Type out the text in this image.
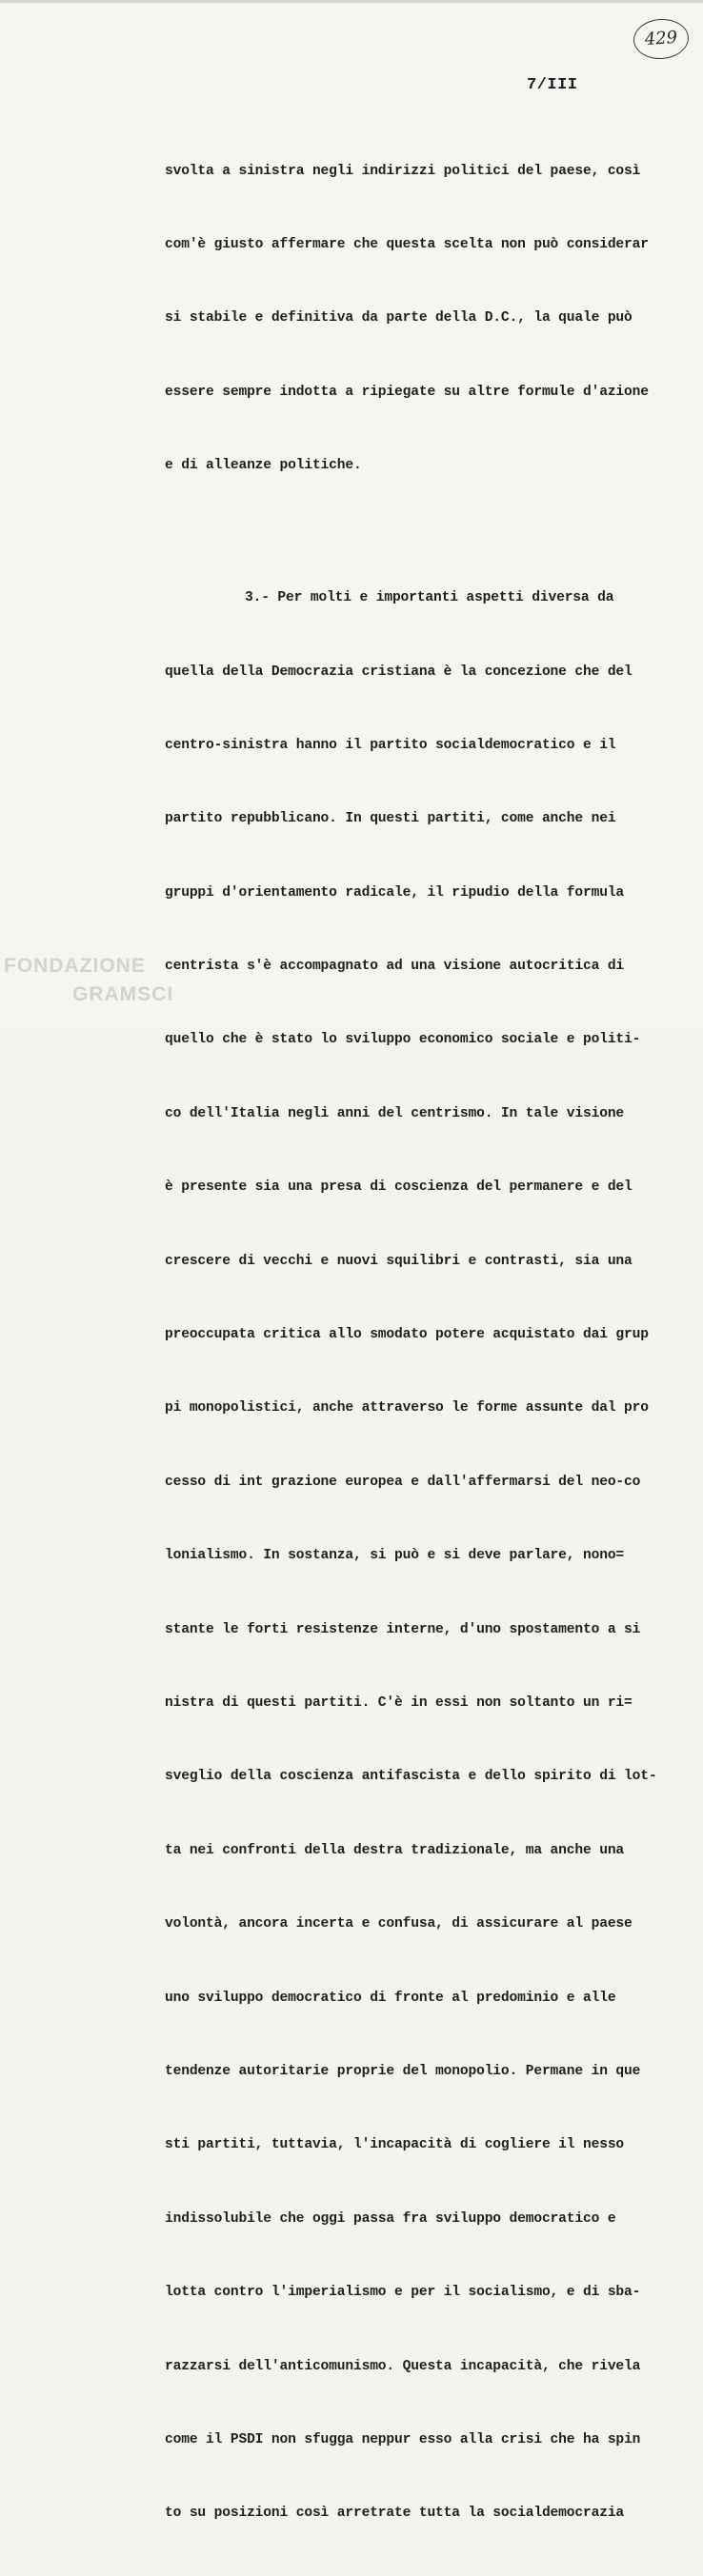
429
7/III

svolta a sinistra negli indirizzi politici del paese, così

com'è giusto affermare che questa scelta non può considerar

si stabile e definitiva da parte della D.C., la quale può

essere sempre indotta a ripiegate su altre formule d'azione

e di alleanze politiche.

3.- Per molti e importanti aspetti diversa da

quella della Democrazia cristiana è la concezione che del

centro-sinistra hanno il partito socialdemocratico e il

partito repubblicano. In questi partiti, come anche nei

gruppi d'orientamento radicale, il ripudio della formula

centrista s'è accompagnato ad una visione autocritica di

quello che è stato lo sviluppo economico sociale e politi-

co dell'Italia negli anni del centrismo. In tale visione

è presente sia una presa di coscienza del permanere e del

crescere di vecchi e nuovi squilibri e contrasti, sia una

preoccupata critica allo smodato potere acquistato dai grup

pi monopolistici, anche attraverso le forme assunte dal pro

cesso di int grazione europea e dall'affermarsi del neo-co

lonialismo. In sostanza, si può e si deve parlare, nono=

stante le forti resistenze interne, d'uno spostamento a si

nistra di questi partiti. C'è in essi non soltanto un ri=

sveglio della coscienza antifascista e dello spirito di lot-

ta nei confronti della destra tradizionale, ma anche una

volontà, ancora incerta e confusa, di assicurare al paese

uno sviluppo democratico di fronte al predominio e alle

tendenze autoritarie proprie del monopolio. Permane in que

sti partiti, tuttavia, l'incapacità di cogliere il nesso

indissolubile che oggi passa fra sviluppo democratico e

lotta contro l'imperialismo e per il socialismo, e di sba-

razzarsi dell'anticomunismo. Questa incapacità, che rivela

come il PSDI non sfugga neppur esso alla crisi che ha spin

to su posizioni così arretrate tutta la socialdemocrazia

FONDAZIONE
GRAMSCI
